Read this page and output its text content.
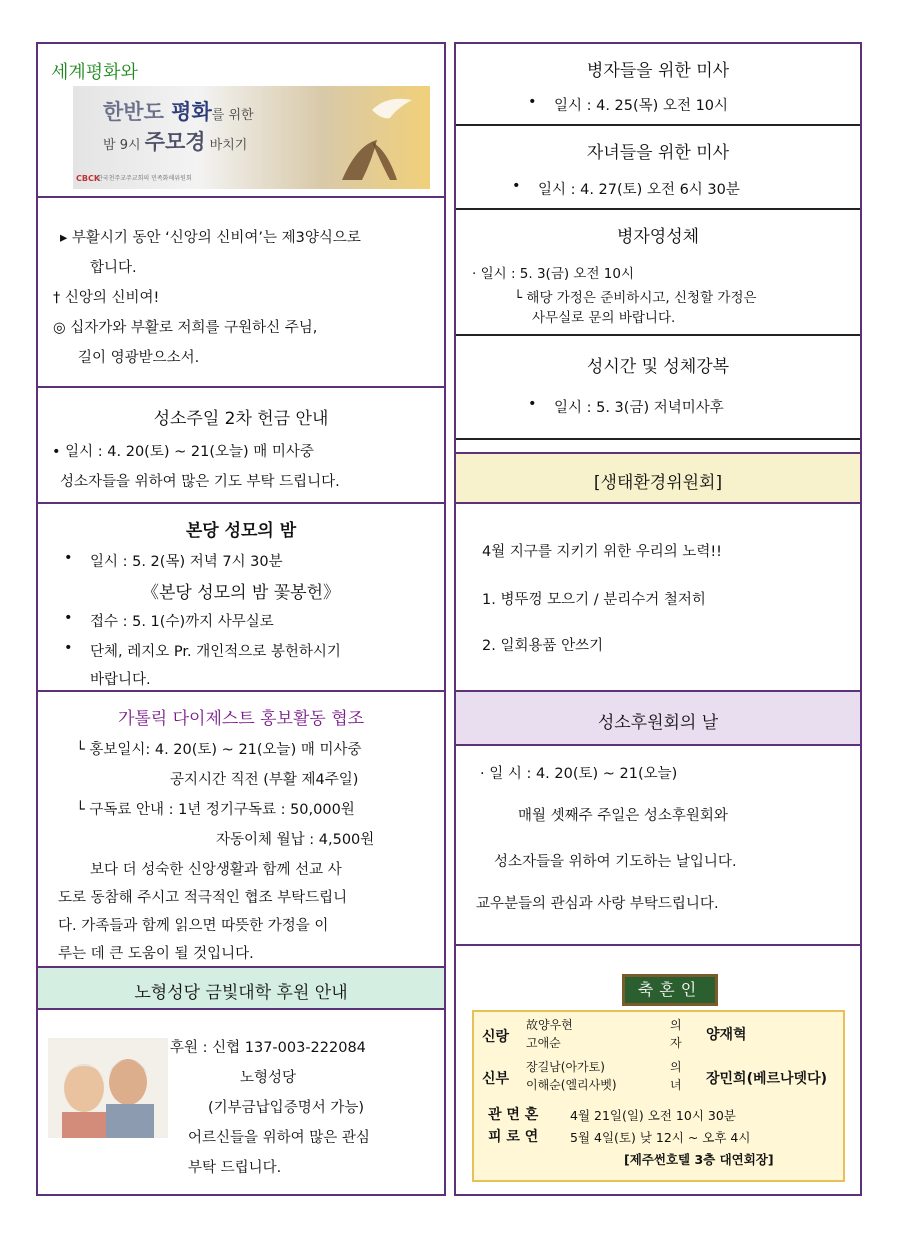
세계평화와
한반도 평화를 위한
밤 9시 주모경 바치기
CBCK
한국천주교주교회의 민족화해위원회
▸ 부활시기 동안 ‘신앙의 신비여’는 제3양식으로
합니다.
† 신앙의 신비여!
◎ 십자가와 부활로 저희를 구원하신 주님,
길이 영광받으소서.
성소주일 2차 헌금 안내
• 일시 : 4. 20(토) ~ 21(오늘) 매 미사중
성소자들을 위하여 많은 기도 부탁 드립니다.
본당 성모의 밤
일시 : 5. 2(목) 저녁 7시 30분
《본당 성모의 밤 꽃봉헌》
접수 : 5. 1(수)까지 사무실로
단체, 레지오 Pr. 개인적으로 봉헌하시기
바랍니다.
가톨릭 다이제스트 홍보활동 협조
└ 홍보일시: 4. 20(토) ~ 21(오늘) 매 미사중
공지시간 직전 (부활 제4주일)
└ 구독료 안내 : 1년 정기구독료 : 50,000원
자동이체 월납 : 4,500원
보다 더 성숙한 신앙생활과 함께 선교 사
도로 동참해 주시고 적극적인 협조 부탁드립니
다. 가족들과 함께 읽으면 따뜻한 가정을 이
루는 데 큰 도움이 될 것입니다.
노형성당 금빛대학 후원 안내
후원 : 신협 137-003-222084
노형성당
(기부금납입증명서 가능)
어르신들을 위하여 많은 관심
부탁 드립니다.
병자들을 위한 미사
일시 : 4. 25(목) 오전 10시
자녀들을 위한 미사
일시 : 4. 27(토) 오전 6시 30분
병자영성체
· 일시 : 5. 3(금) 오전 10시
└ 해당 가정은 준비하시고, 신청할 가정은
사무실로 문의 바랍니다.
성시간 및 성체강복
일시 : 5. 3(금) 저녁미사후
[생태환경위원회]
4월 지구를 지키기 위한 우리의 노력!!
1. 병뚜껑 모으기 / 분리수거 철저히
2. 일회용품 안쓰기
성소후원회의 날
· 일 시 : 4. 20(토) ~ 21(오늘)
매월 셋째주 주일은 성소후원회와
성소자들을 위하여 기도하는 날입니다.
교우분들의 관심과 사랑 부탁드립니다.
축혼인
신랑
故양우현
고애순
의
자 양재혁
신부
장길남(아가토)
이해순(엘리사벳)
의
녀 장민희(베르나뎃다)
관 면 혼	4월 21일(일) 오전 10시 30분
피 로 연	5월 4일(토) 낮 12시 ~ 오후 4시
[제주썬호텔 3층 대연회장]
